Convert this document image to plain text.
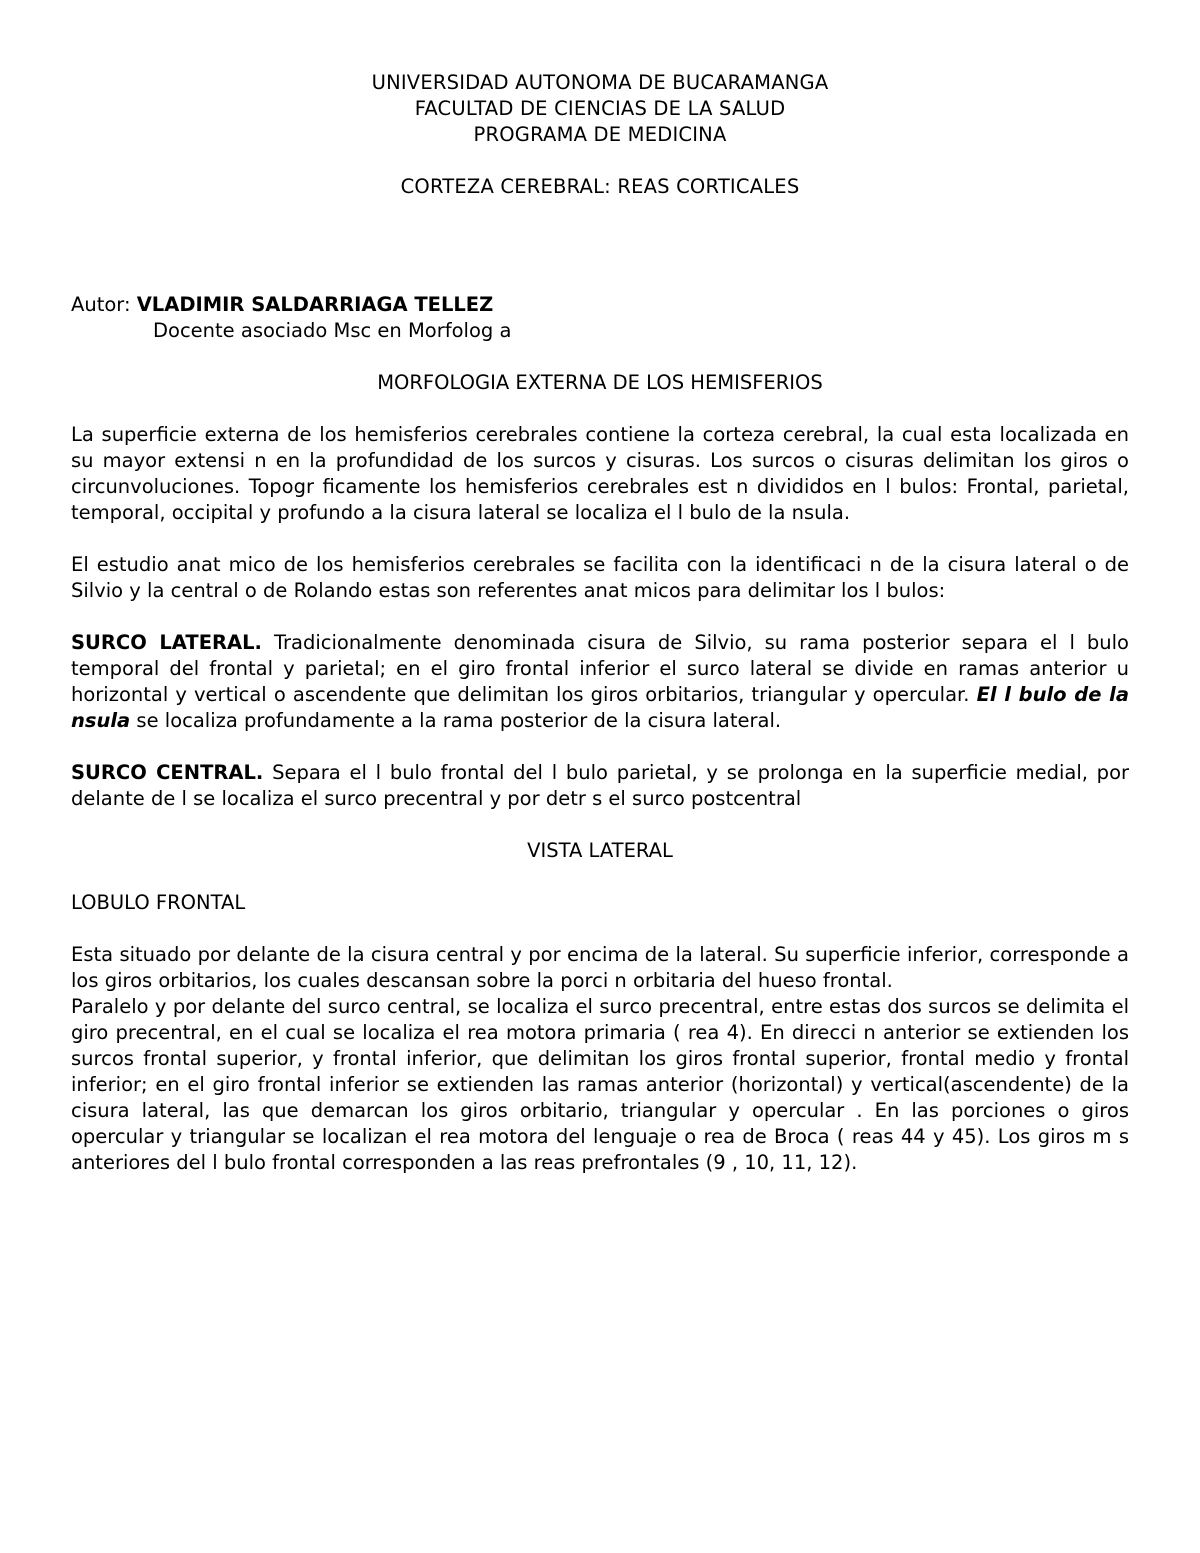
UNIVERSIDAD AUTONOMA DE BUCARAMANGA

FACULTAD DE CIENCIAS DE LA SALUD

PROGRAMA DE MEDICINA

CORTEZA CEREBRAL: REAS CORTICALES

Autor: VLADIMIR SALDARRIAGA TELLEZ

Docente asociado Msc en Morfolog a

MORFOLOGIA EXTERNA DE LOS HEMISFERIOS

La superficie externa de los hemisferios cerebrales contiene la corteza cerebral, la cual esta localizada en su mayor extensi n en la profundidad de los surcos y cisuras. Los surcos o cisuras delimitan los giros o circunvoluciones. Topogr ficamente los hemisferios cerebrales est n divididos en l bulos: Frontal, parietal, temporal, occipital y profundo a la cisura lateral se localiza el l bulo de la nsula.

El estudio anat mico de los hemisferios cerebrales se facilita con la identificaci n de la cisura lateral o de Silvio y la central o de Rolando estas son referentes anat micos para delimitar los l bulos:

SURCO LATERAL. Tradicionalmente denominada cisura de Silvio, su rama posterior separa el l bulo temporal del frontal y parietal; en el giro frontal inferior el surco lateral se divide en ramas anterior u horizontal y vertical o ascendente que delimitan los giros orbitarios, triangular y opercular. El l bulo de la nsula se localiza profundamente a la rama posterior de la cisura lateral.

SURCO CENTRAL. Separa el l bulo frontal del l bulo parietal, y se prolonga en la superficie medial, por delante de l se localiza el surco precentral y por detr s el surco postcentral

VISTA LATERAL

LOBULO FRONTAL

Esta situado por delante de la cisura central y por encima de la lateral. Su superficie inferior, corresponde a los giros orbitarios, los cuales descansan sobre la porci n orbitaria del hueso frontal.

Paralelo y por delante del surco central, se localiza el surco precentral, entre estas dos surcos se delimita el giro precentral, en el cual se localiza el rea motora primaria ( rea 4). En direcci n anterior se extienden los surcos frontal superior, y frontal inferior, que delimitan los giros frontal superior, frontal medio y frontal inferior; en el giro frontal inferior se extienden las ramas anterior (horizontal) y vertical(ascendente) de la cisura lateral, las que demarcan los giros orbitario, triangular y opercular . En las porciones o giros opercular y triangular se localizan el rea motora del lenguaje o rea de Broca ( reas 44 y 45). Los giros m s anteriores del l bulo frontal corresponden a las reas prefrontales (9 , 10, 11, 12).
